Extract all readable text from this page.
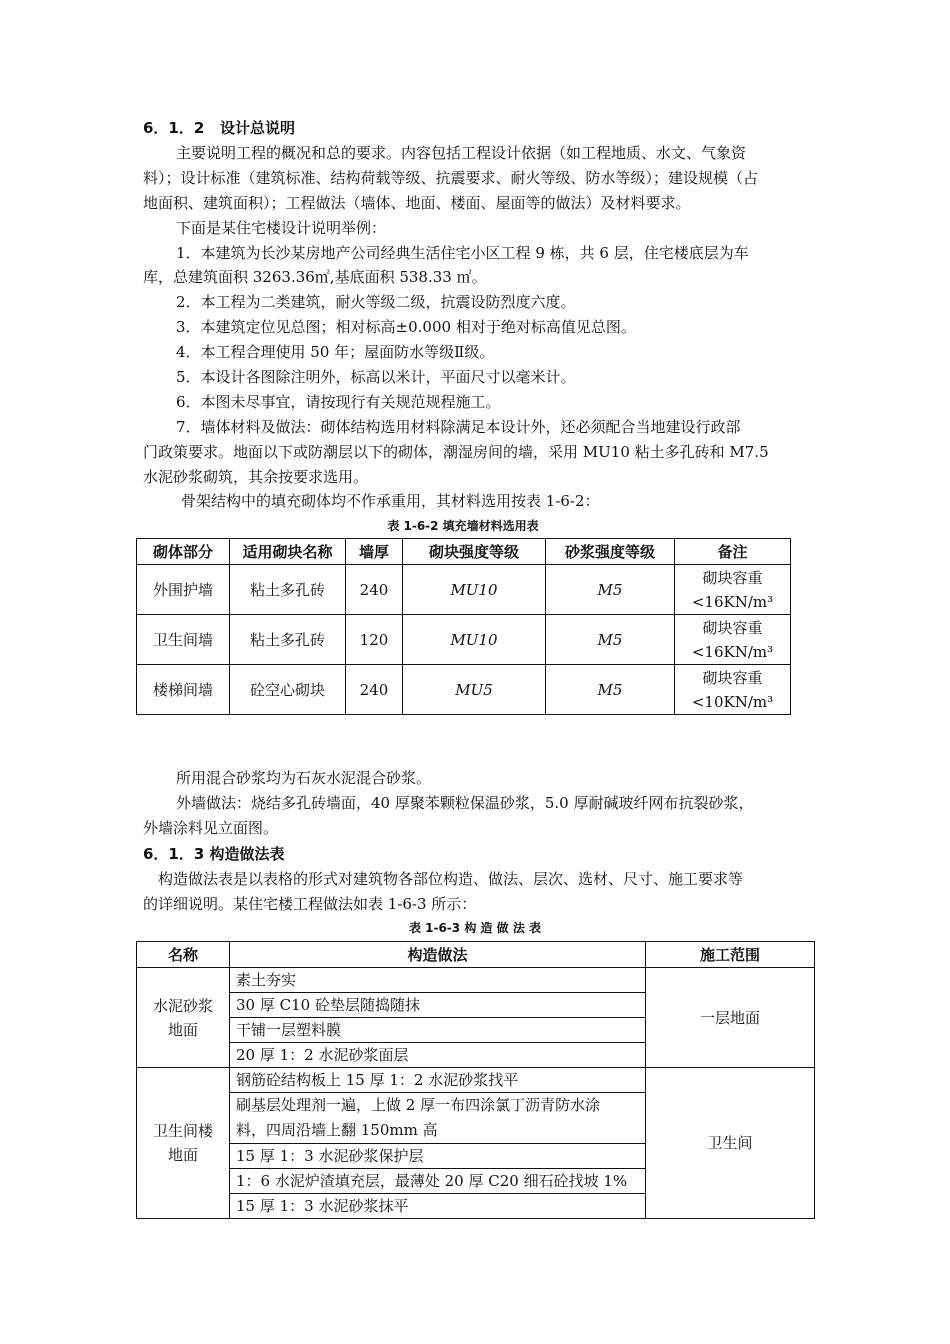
6．1．2 设计总说明
主要说明工程的概况和总的要求。内容包括工程设计依据（如工程地质、水文、气象资
料）；设计标准（建筑标准、结构荷载等级、抗震要求、耐火等级、防水等级）；建设规模（占
地面积、建筑面积）；工程做法（墙体、地面、楼面、屋面等的做法）及材料要求。
下面是某住宅楼设计说明举例：
1．本建筑为长沙某房地产公司经典生活住宅小区工程 9 栋，共 6 层，住宅楼底层为车
库，总建筑面积 3263.36㎡,基底面积 538.33 ㎡。
2．本工程为二类建筑，耐火等级二级，抗震设防烈度六度。
3．本建筑定位见总图；相对标高±0.000 相对于绝对标高值见总图。
4．本工程合理使用 50 年；屋面防水等级Ⅱ级。
5．本设计各图除注明外，标高以米计，平面尺寸以毫米计。
6．本图未尽事宜，请按现行有关规范规程施工。
7．墙体材料及做法：砌体结构选用材料除满足本设计外，还必须配合当地建设行政部
门政策要求。地面以下或防潮层以下的砌体，潮湿房间的墙，采用 MU10 粘土多孔砖和 M7.5
水泥砂浆砌筑，其余按要求选用。
骨架结构中的填充砌体均不作承重用，其材料选用按表 1-6-2：
表 1-6-2 填充墙材料选用表
砌体部分	适用砌块名称	墙厚	砌块强度等级	砂浆强度等级	备注
外围护墙	粘土多孔砖	240	MU10	M5	砌块容重
<16KN/m³

卫生间墙	粘土多孔砖	120	MU10	M5	砌块容重
<16KN/m³

楼梯间墙	砼空心砌块	240	MU5	M5	砌块容重
<10KN/m³
所用混合砂浆均为石灰水泥混合砂浆。
外墙做法：烧结多孔砖墙面，40 厚聚苯颗粒保温砂浆，5.0 厚耐碱玻纤网布抗裂砂浆，
外墙涂料见立面图。
6．1．3 构造做法表
构造做法表是以表格的形式对建筑物各部位构造、做法、层次、选材、尺寸、施工要求等
的详细说明。某住宅楼工程做法如表 1-6-3 所示：
表 1-6-3 构 造 做 法 表
名称	构造做法	施工范围

水泥砂浆
地面	素土夯实	一层地面
	30 厚 C10 砼垫层随捣随抹	
	干铺一层塑料膜	
	20 厚 1：2 水泥砂浆面层	

卫生间楼
地面	钢筋砼结构板上 15 厚 1：2 水泥砂浆找平	卫生间

	刷基层处理剂一遍，上做 2 厚一布四涂氯丁沥青防水涂
料，四周沿墙上翻 150mm 高	

	15 厚 1：3 水泥砂浆保护层	
	1：6 水泥炉渣填充层，最薄处 20 厚 C20 细石砼找坡 1%	
	15 厚 1：3 水泥砂浆抹平	
